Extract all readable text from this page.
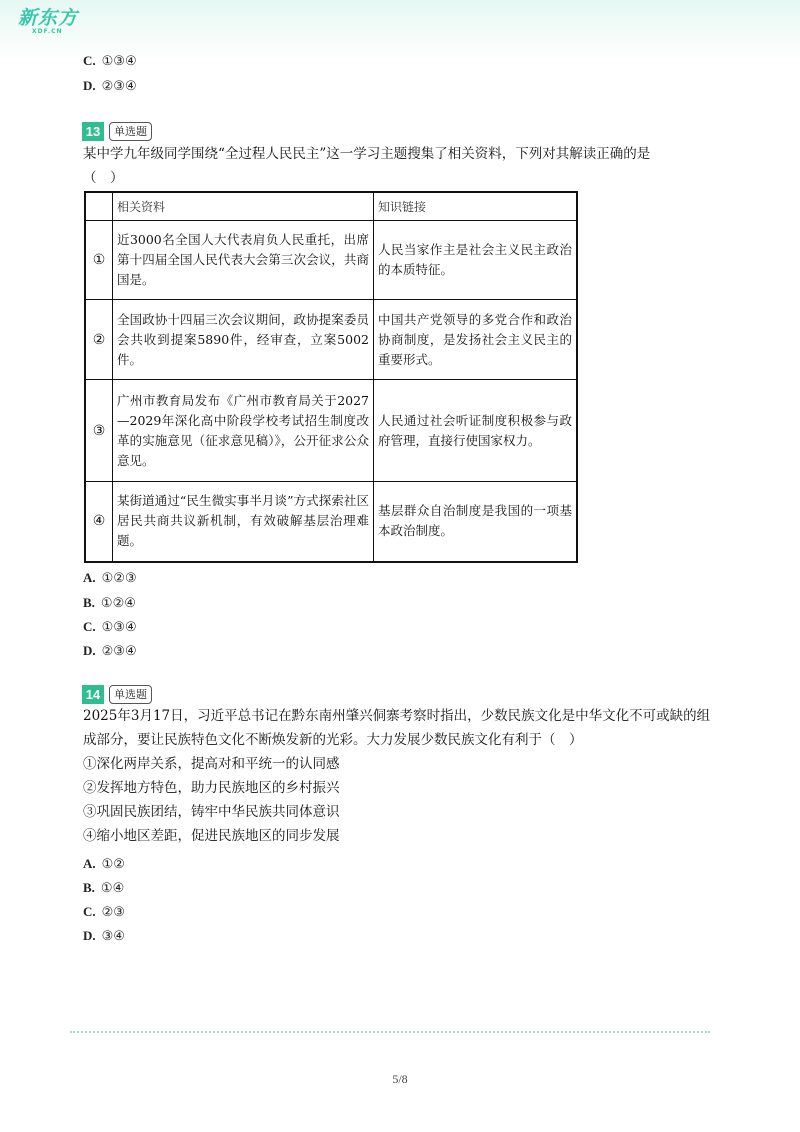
新东方
XDF.CN
C. ①③④
D. ②③④
13 单选题
某中学九年级同学围绕“全过程人民民主”这一学习主题搜集了相关资料，下列对其解读正确的是
（　）
	相关资料	知识链接
①	近3000名全国人大代表肩负人民重托，出席第十四届全国人民代表大会第三次会议，共商国是。	人民当家作主是社会主义民主政治的本质特征。
②	全国政协十四届三次会议期间，政协提案委员会共收到提案5890件，经审查，立案5002件。	中国共产党领导的多党合作和政治协商制度，是发扬社会主义民主的重要形式。
③	广州市教育局发布《广州市教育局关于2027—2029年深化高中阶段学校考试招生制度改革的实施意见（征求意见稿）》，公开征求公众意见。	人民通过社会听证制度积极参与政府管理，直接行使国家权力。
④	某街道通过“民生微实事半月谈”方式探索社区居民共商共议新机制，有效破解基层治理难题。	基层群众自治制度是我国的一项基本政治制度。
A. ①②③
B. ①②④
C. ①③④
D. ②③④
14 单选题
2025年3月17日，习近平总书记在黔东南州肇兴侗寨考察时指出，少数民族文化是中华文化不可或缺的组成部分，要让民族特色文化不断焕发新的光彩。大力发展少数民族文化有利于（　）
①深化两岸关系，提高对和平统一的认同感
②发挥地方特色，助力民族地区的乡村振兴
③巩固民族团结，铸牢中华民族共同体意识
④缩小地区差距，促进民族地区的同步发展
A. ①②
B. ①④
C. ②③
D. ③④
5/8
